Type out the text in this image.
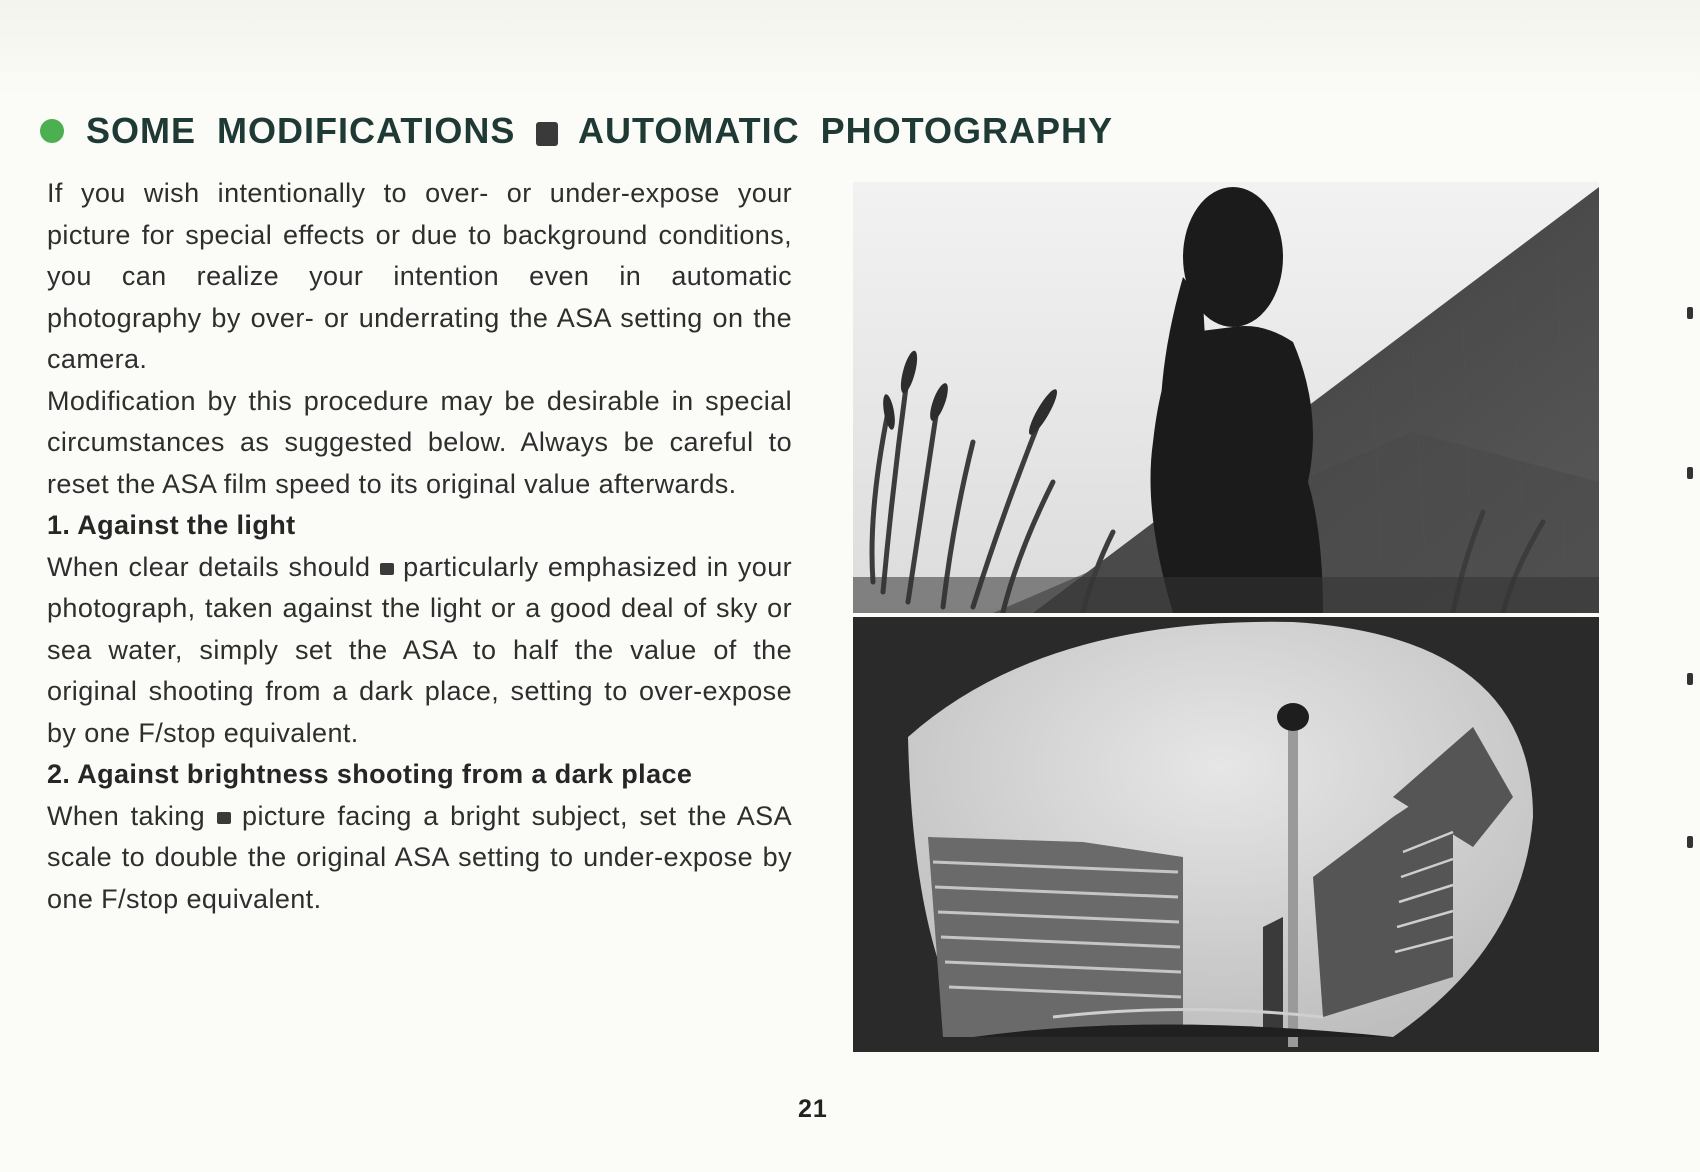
SOME MODIFICATIONS AUTOMATIC PHOTOGRAPHY

If you wish intentionally to over- or under-expose your picture for special effects or due to background conditions, you can realize your intention even in automatic photography by over- or underrating the ASA setting on the camera.

Modification by this procedure may be desirable in special circumstances as suggested below. Always be careful to reset the ASA film speed to its original value afterwards.

1. Against the light

When clear details should particularly emphasized in your photograph, taken against the light or a good deal of sky or sea water, simply set the ASA to half the value of the original shooting from a dark place, setting to over-expose by one F/stop equivalent.

2. Against brightness shooting from a dark place

When taking picture facing a bright subject, set the ASA scale to double the original ASA setting to under-expose by one F/stop equivalent.

21
